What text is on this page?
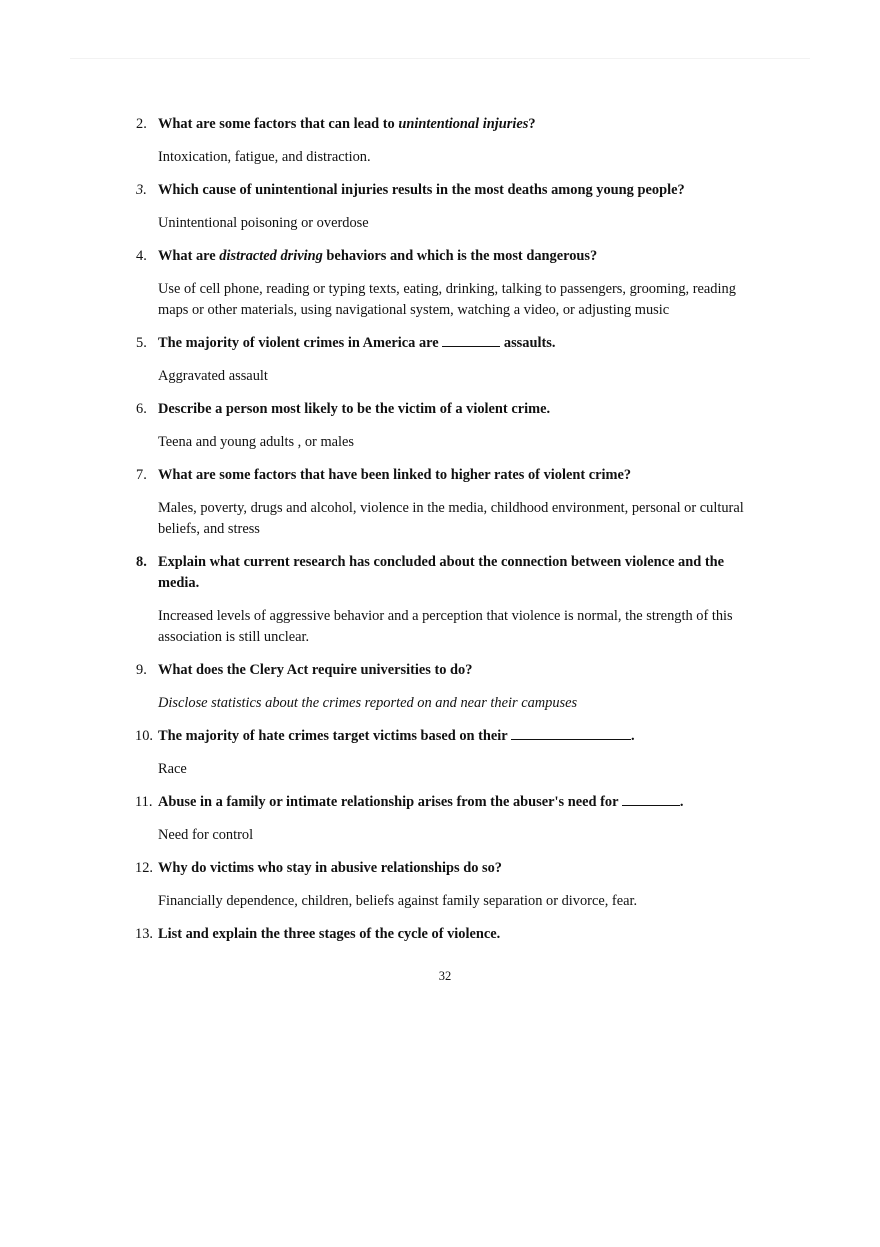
2. What are some factors that can lead to unintentional injuries?
Intoxication, fatigue, and distraction.
3. Which cause of unintentional injuries results in the most deaths among young people?
Unintentional poisoning or overdose
4. What are distracted driving behaviors and which is the most dangerous?
Use of cell phone, reading or typing texts, eating, drinking, talking to passengers, grooming, reading maps or other materials, using navigational system, watching a video, or adjusting music
5. The majority of violent crimes in America are	assaults.
Aggravated assault
6. Describe a person most likely to be the victim of a violent crime.
Teena and young adults , or males
7. What are some factors that have been linked to higher rates of violent crime?
Males, poverty, drugs and alcohol, violence in the media, childhood environment, personal or cultural beliefs, and stress
8. Explain what current research has concluded about the connection between violence and the media.
Increased levels of aggressive behavior and a perception that violence is normal, the strength of this association is still unclear.
9. What does the Clery Act require universities to do?
Disclose statistics about the crimes reported on and near their campuses
10. The majority of hate crimes target victims based on their	.
Race
11. Abuse in a family or intimate relationship arises from the abuser's need for	.
Need for control
12. Why do victims who stay in abusive relationships do so?
Financially dependence, children, beliefs against family separation or divorce, fear.
13. List and explain the three stages of the cycle of violence.
32
